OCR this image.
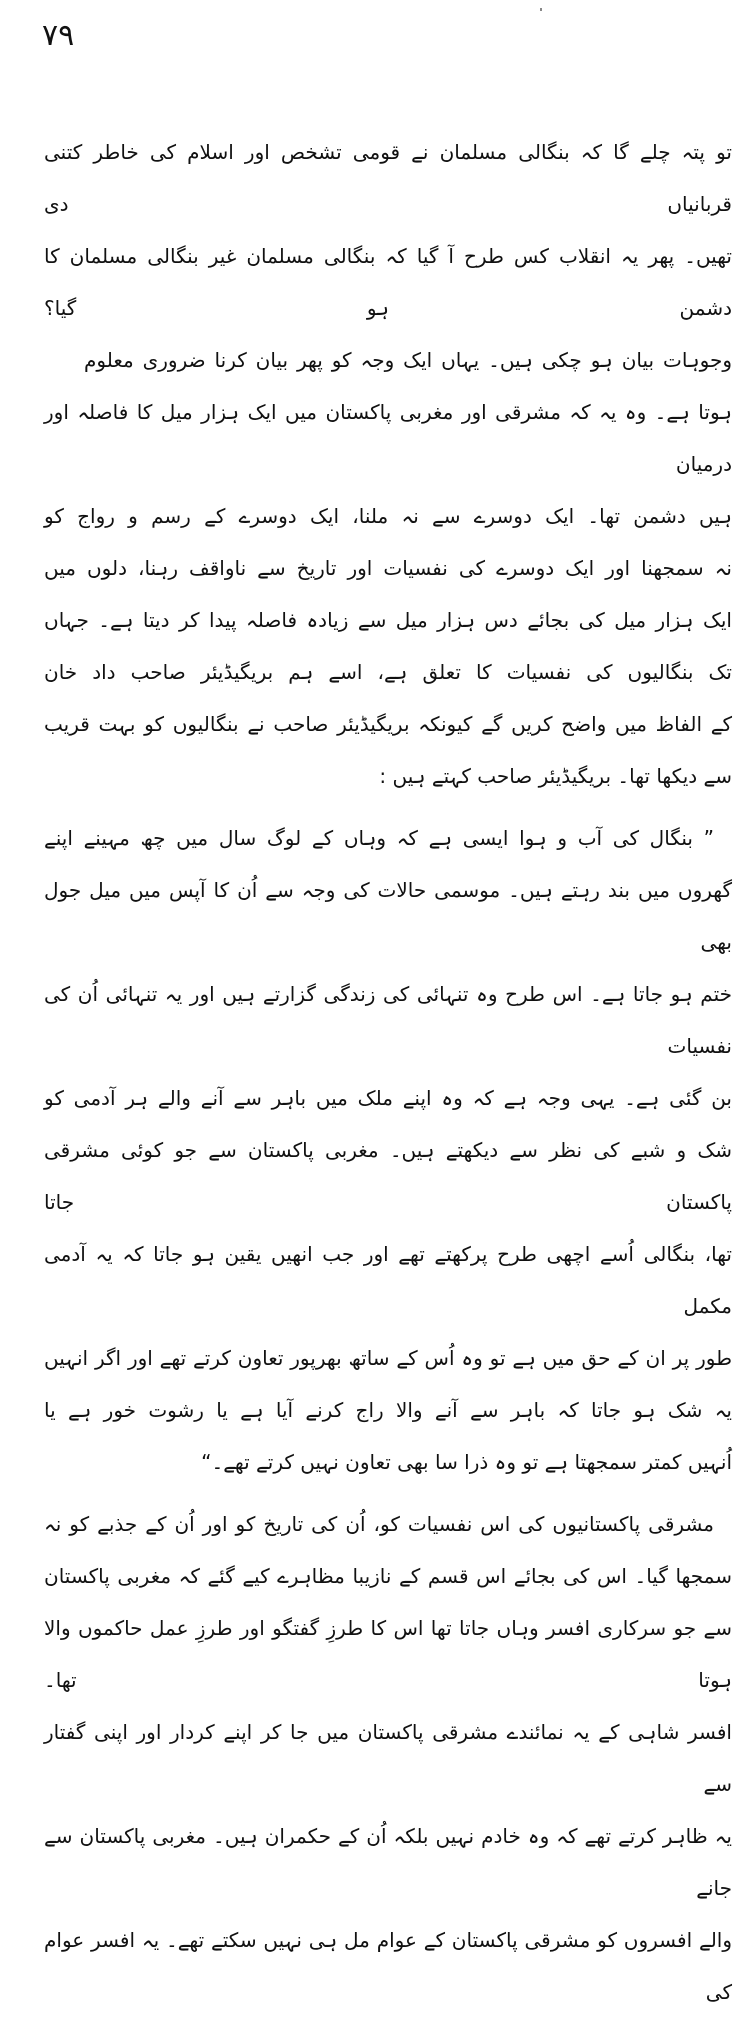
۷۹
تو پتہ چلے گا کہ بنگالی مسلمان نے قومی تشخص اور اسلام کی خاطر کتنی قربانیاں دی
تھیں۔ پھر یہ انقلاب کس طرح آ گیا کہ بنگالی مسلمان غیر بنگالی مسلمان کا دشمن ہو گیا؟
وجوہات بیان ہو چکی ہیں۔ یہاں ایک وجہ کو پھر بیان کرنا ضروری معلوم
ہوتا ہے۔ وہ یہ کہ مشرقی اور مغربی پاکستان میں ایک ہزار میل کا فاصلہ اور درمیان
ہیں دشمن تھا۔ ایک دوسرے سے نہ ملنا، ایک دوسرے کے رسم و رواج کو
نہ سمجھنا اور ایک دوسرے کی نفسیات اور تاریخ سے ناواقف رہنا، دلوں میں
ایک ہزار میل کی بجائے دس ہزار میل سے زیادہ فاصلہ پیدا کر دیتا ہے۔ جہاں
تک بنگالیوں کی نفسیات کا تعلق ہے، اسے ہم بریگیڈیئر صاحب داد خان
کے الفاظ میں واضح کریں گے کیونکہ بریگیڈیئر صاحب نے بنگالیوں کو بہت قریب
سے دیکھا تھا۔ بریگیڈیئر صاحب کہتے ہیں :
” بنگال کی آب و ہوا ایسی ہے کہ وہاں کے لوگ سال میں چھ مہینے اپنے
گھروں میں بند رہتے ہیں۔ موسمی حالات کی وجہ سے اُن کا آپس میں میل جول بھی
ختم ہو جاتا ہے۔ اس طرح وہ تنہائی کی زندگی گزارتے ہیں اور یہ تنہائی اُن کی نفسیات
بن گئی ہے۔ یہی وجہ ہے کہ وہ اپنے ملک میں باہر سے آنے والے ہر آدمی کو
شک و شبے کی نظر سے دیکھتے ہیں۔ مغربی پاکستان سے جو کوئی مشرقی پاکستان جاتا
تھا، بنگالی اُسے اچھی طرح پرکھتے تھے اور جب انھیں یقین ہو جاتا کہ یہ آدمی مکمل
طور پر ان کے حق میں ہے تو وہ اُس کے ساتھ بھرپور تعاون کرتے تھے اور اگر انہیں
یہ شک ہو جاتا کہ باہر سے آنے والا راج کرنے آیا ہے یا رشوت خور ہے یا
اُنہیں کمتر سمجھتا ہے تو وہ ذرا سا بھی تعاون نہیں کرتے تھے۔“
مشرقی پاکستانیوں کی اس نفسیات کو، اُن کی تاریخ کو اور اُن کے جذبے کو نہ
سمجھا گیا۔ اس کی بجائے اس قسم کے نازیبا مظاہرے کیے گئے کہ مغربی پاکستان
سے جو سرکاری افسر وہاں جاتا تھا اس کا طرزِ گفتگو اور طرزِ عمل حاکموں والا ہوتا تھا۔
افسر شاہی کے یہ نمائندے مشرقی پاکستان میں جا کر اپنے کردار اور اپنی گفتار سے
یہ ظاہر کرتے تھے کہ وہ خادم نہیں بلکہ اُن کے حکمران ہیں۔ مغربی پاکستان سے جانے
والے افسروں کو مشرقی پاکستان کے عوام مل ہی نہیں سکتے تھے۔ یہ افسر عوام کی
